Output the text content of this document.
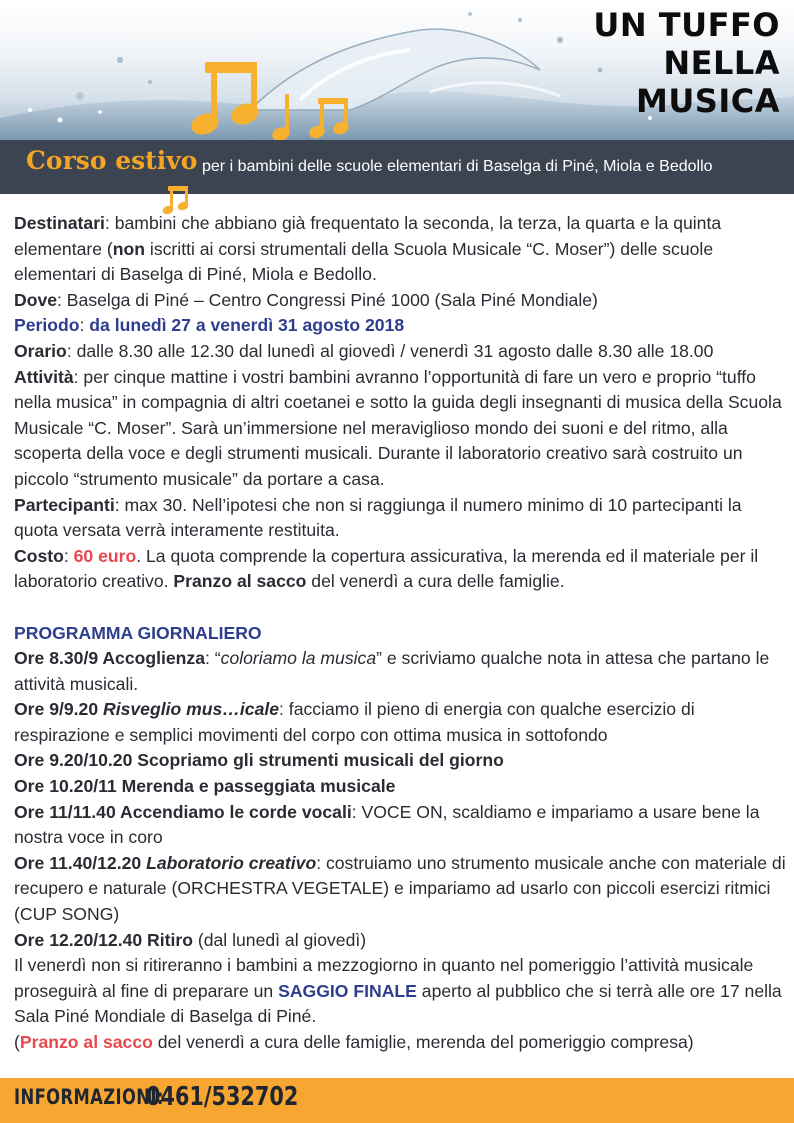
UN TUFFO
NELLA
MUSICA
Corso estivo per i bambini delle scuole elementari di Baselga di Piné, Miola e Bedollo

Destinatari: bambini che abbiano già frequentato la seconda, la terza, la quarta e la quinta elementare (non iscritti ai corsi strumentali della Scuola Musicale “C. Moser”) delle scuole elementari di Baselga di Piné, Miola e Bedollo.

Dove: Baselga di Piné – Centro Congressi Piné 1000 (Sala Piné Mondiale)

Periodo: da lunedì 27 a venerdì 31 agosto 2018

Orario: dalle 8.30 alle 12.30 dal lunedì al giovedì / venerdì 31 agosto dalle 8.30 alle 18.00

Attività: per cinque mattine i vostri bambini avranno l’opportunità di fare un vero e proprio “tuffo nella musica” in compagnia di altri coetanei e sotto la guida degli insegnanti di musica della Scuola Musicale “C. Moser”. Sarà un’immersione nel meraviglioso mondo dei suoni e del ritmo, alla scoperta della voce e degli strumenti musicali. Durante il laboratorio creativo sarà costruito un piccolo “strumento musicale” da portare a casa.

Partecipanti: max 30. Nell’ipotesi che non si raggiunga il numero minimo di 10 partecipanti la quota versata verrà interamente restituita.

Costo: 60 euro. La quota comprende la copertura assicurativa, la merenda ed il materiale per il laboratorio creativo. Pranzo al sacco del venerdì a cura delle famiglie.

PROGRAMMA GIORNALIERO

Ore 8.30/9 Accoglienza: “coloriamo la musica” e scriviamo qualche nota in attesa che partano le attività musicali.

Ore 9/9.20 Risveglio mus…icale: facciamo il pieno di energia con qualche esercizio di respirazione e semplici movimenti del corpo con ottima musica in sottofondo

Ore 9.20/10.20 Scopriamo gli strumenti musicali del giorno

Ore 10.20/11 Merenda e passeggiata musicale

Ore 11/11.40 Accendiamo le corde vocali: VOCE ON, scaldiamo e impariamo a usare bene la nostra voce in coro

Ore 11.40/12.20 Laboratorio creativo: costruiamo uno strumento musicale anche con materiale di recupero e naturale (ORCHESTRA VEGETALE) e impariamo ad usarlo con piccoli esercizi ritmici (CUP SONG)

Ore 12.20/12.40 Ritiro (dal lunedì al giovedì)

Il venerdì non si ritireranno i bambini a mezzogiorno in quanto nel pomeriggio l’attività musicale proseguirà al fine di preparare un SAGGIO FINALE aperto al pubblico che si terrà alle ore 17 nella Sala Piné Mondiale di Baselga di Piné.

(Pranzo al sacco del venerdì a cura delle famiglie, merenda del pomeriggio compresa)

INFORMAZIONI:
0461/532702
